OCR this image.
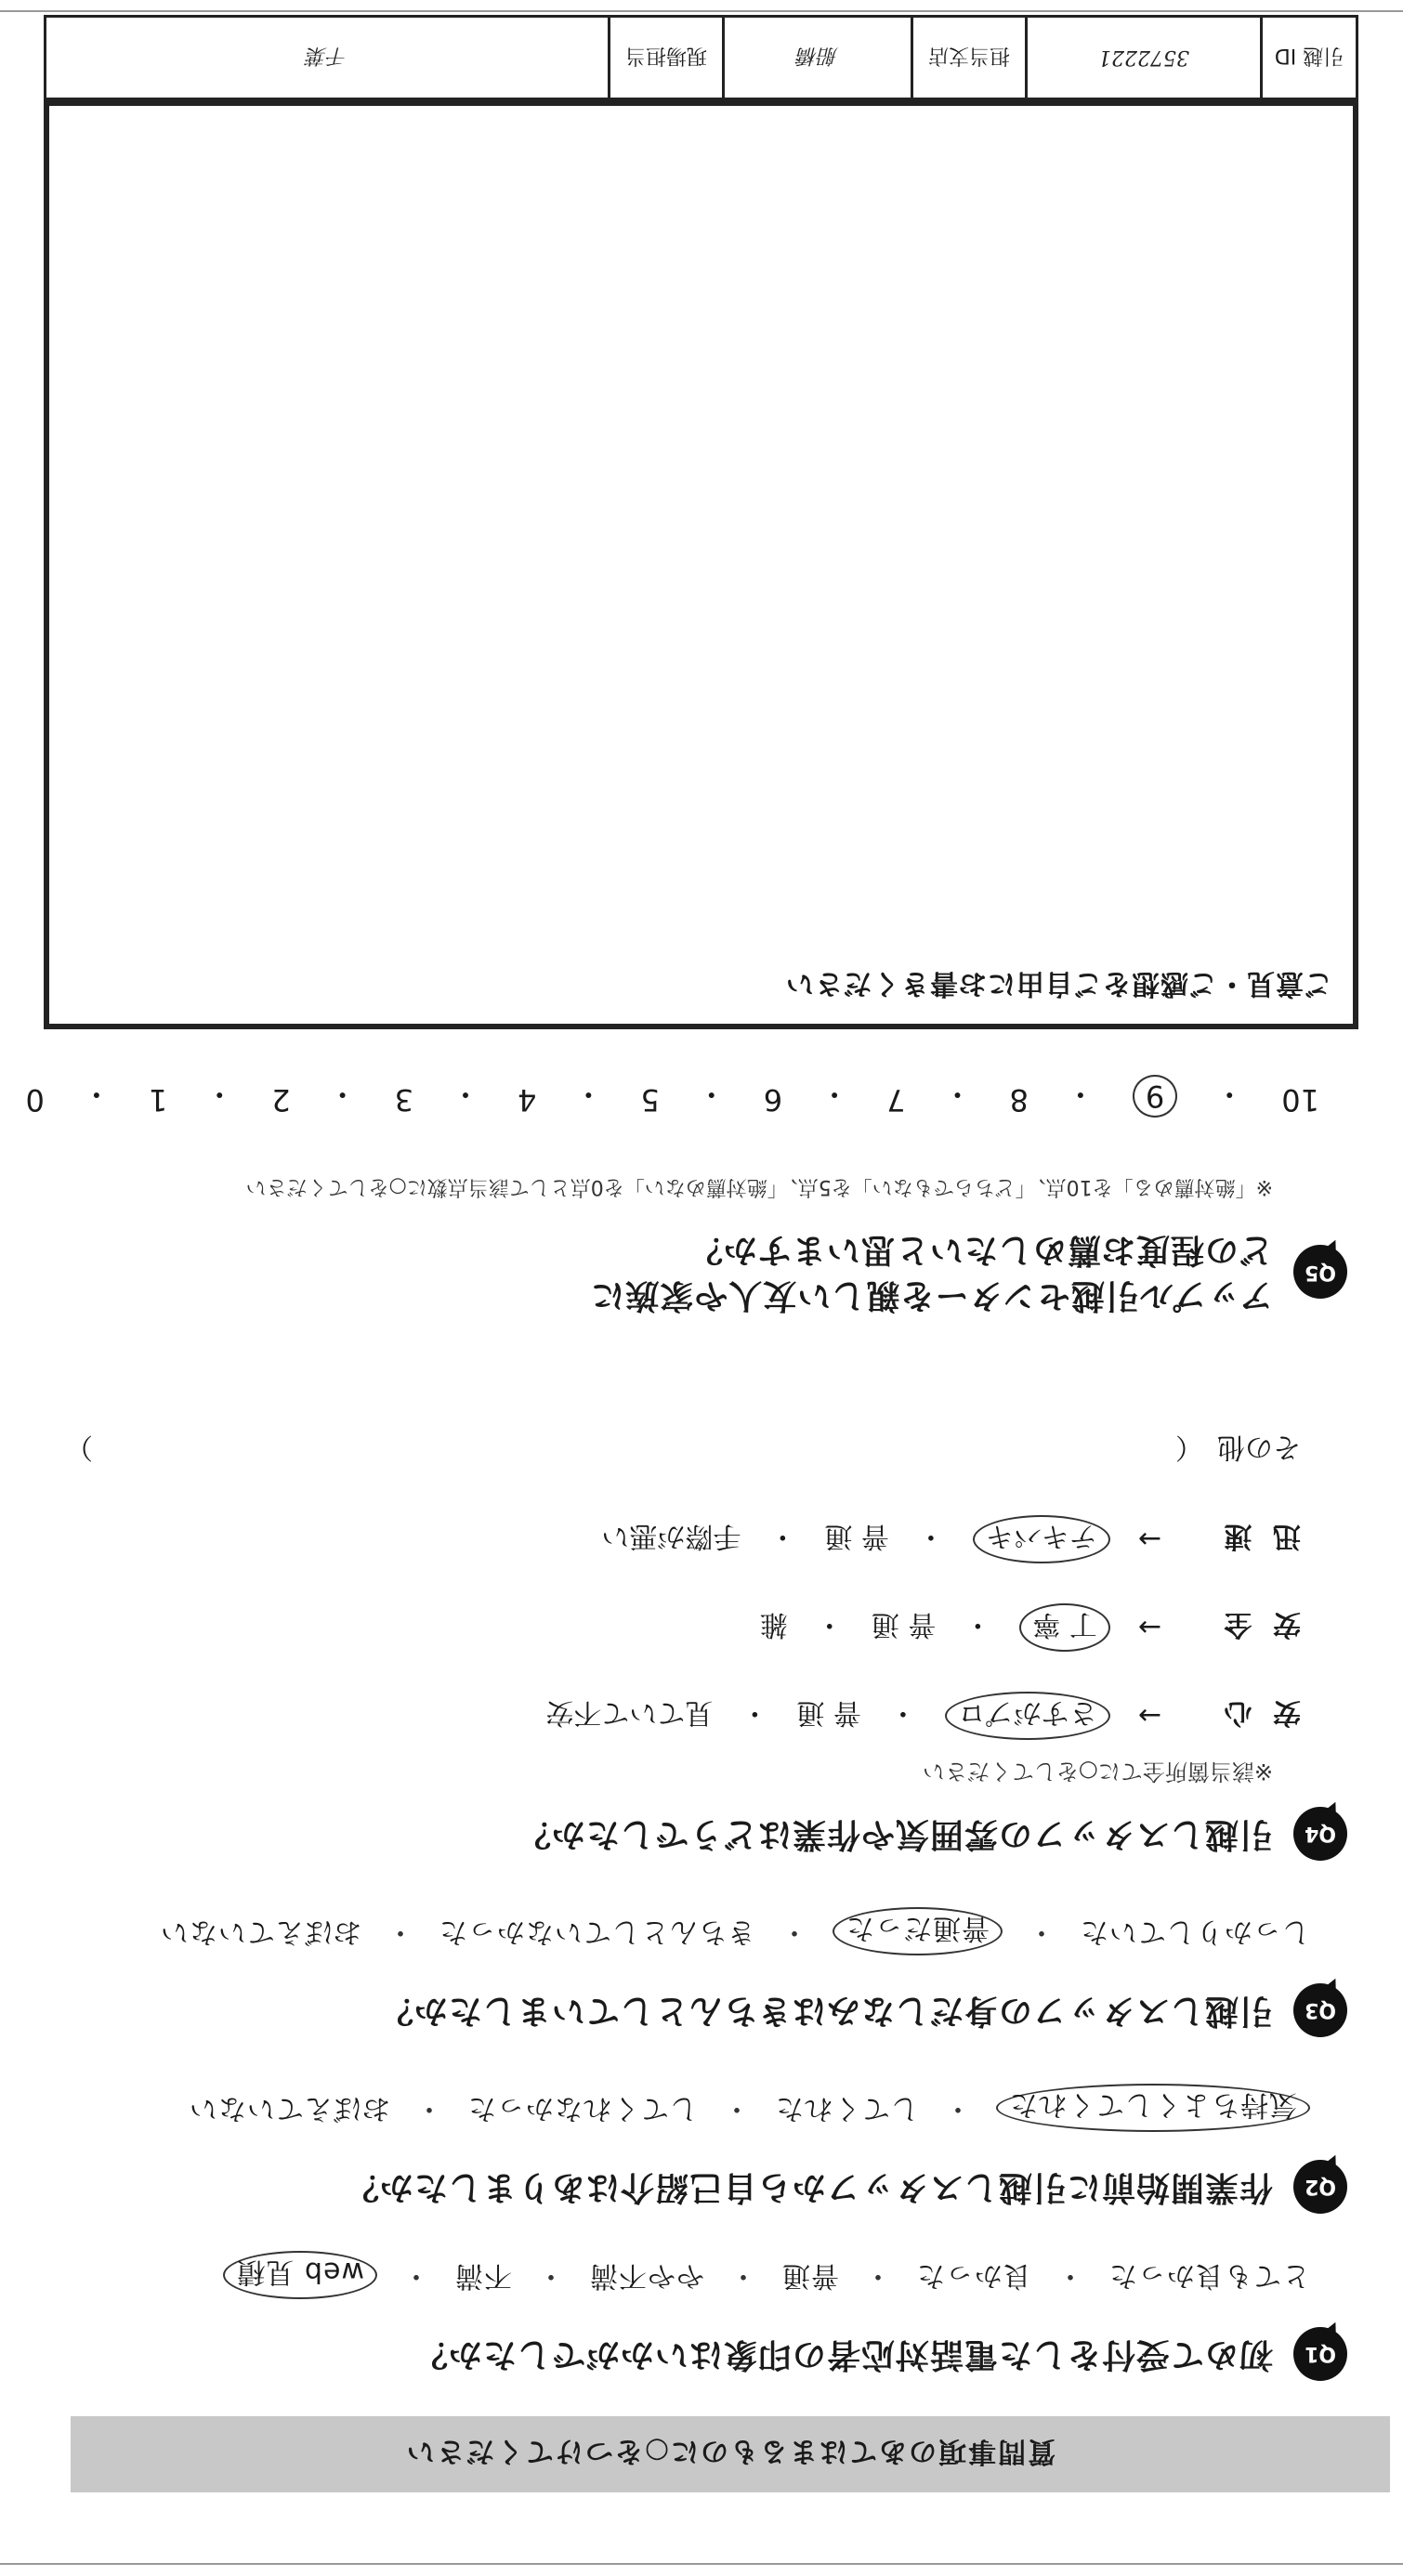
質問事項のあてはまるものに○をつけてください
Q1
初めて受付をした電話対応者の印象はいかがでしたか？
とても良かった
・
良かった
・
普通
・
やや不満
・
不満
・
web 見積
Q2
作業開始前に引越しスタッフから自己紹介はありましたか？
気持ちよくしてくれた
・
してくれた
・
してくれなかった
・
おぼえていない
Q3
引越しスタッフの身だしなみはきちんとしていましたか？
しっかりしていた
・
普通だった
・
きちんとしていなかった
・
おぼえていない
Q4
引越しスタッフの雰囲気や作業はどうでしたか？
※該当箇所全てに○をしてください
安 心
→
さすがプロ
・
普 通
・
見ていて不安
安 全
→
丁 寧
・
普 通
・
雑
迅 速
→
テキパキ
・
普 通
・
手際が悪い
その他　（
）
Q5
アップル引越センターを親しい友人や家族に
どの程度お薦めしたいと思いますか？
※「絶対薦める」を10点、「どちらでもない」を5点、「絶対薦めない」を0点として該当点数に○をしてください
10
・
9
・
8
・
7
・
6
・
5
・
4
・
3
・
2
・
1
・
0
ご意見・ご感想をご自由にお書きください
引越 ID
3572221
担当支店
船橋
現場担当
千葉
